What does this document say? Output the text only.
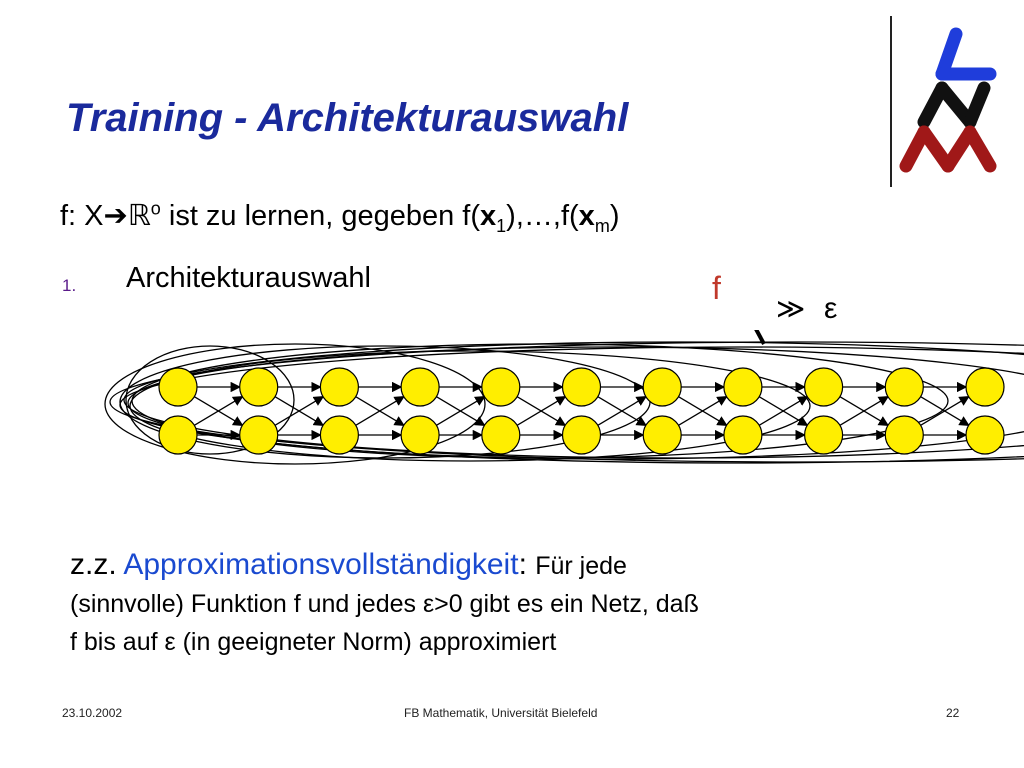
Training - Architekturauswahl
f: X➔ℝ$^o$ ist zu lernen, gegeben $f(x_1),\dots,f(x_m)$
1. Architekturauswahl	f
≫ ε
z.z. Approximationsvollständigkeit: Für jede
(sinnvolle) Funktion f und jedes ε>0 gibt es ein Netz, daß
f bis auf ε (in geeigneter Norm) approximiert
23.10.2002	FB Mathematik, Universität Bielefeld	22
